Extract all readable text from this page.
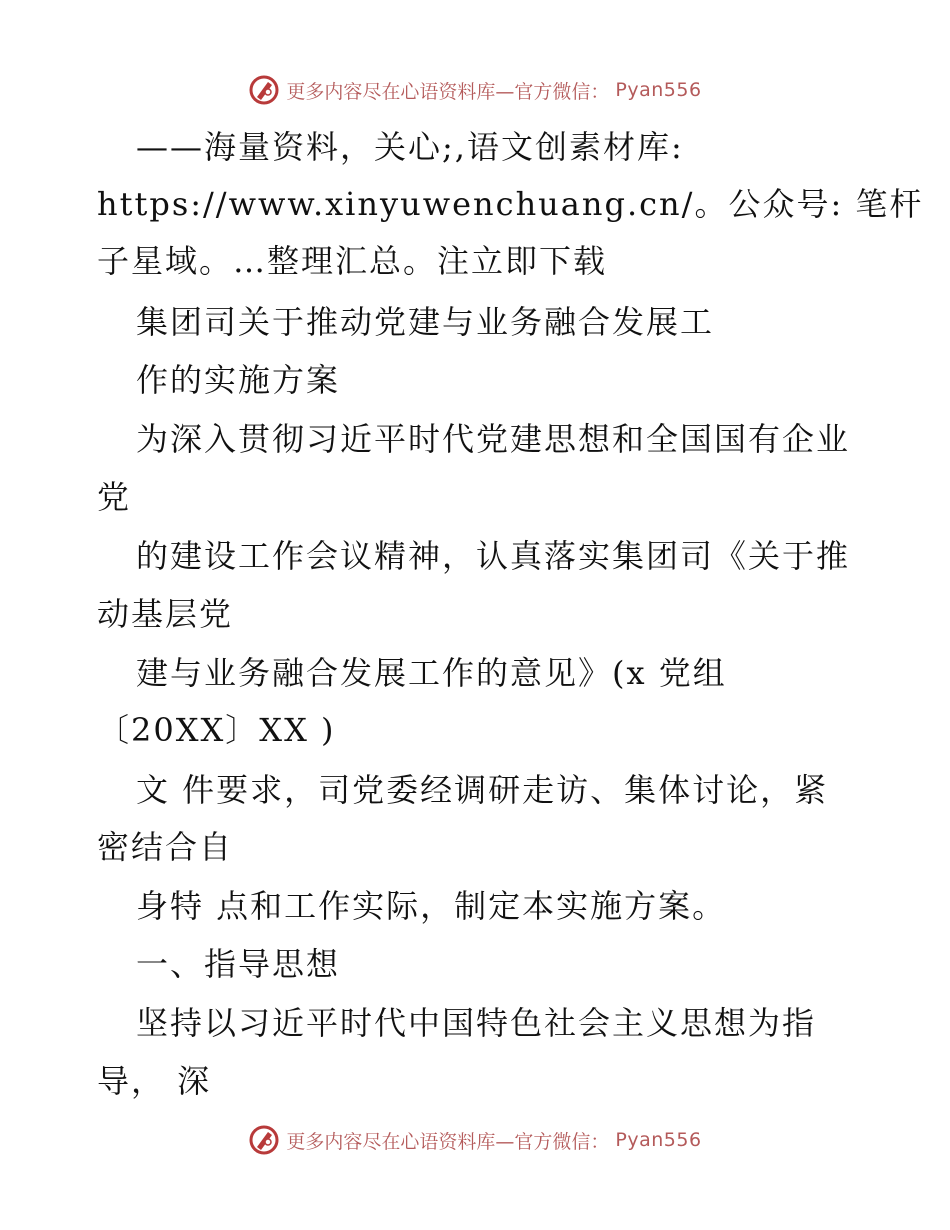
更多内容尽在心语资料库—官方微信： Pyan556
——海量资料，关心;,语文创素材库:
https://www.xinyuwenchuang.cn/。公众号: 笔杆
子星域。…整理汇总。注立即下载
集团司关于推动党建与业务融合发展工
作的实施方案
为深入贯彻习近平时代党建思想和全国国有企业
党
的建设工作会议精神，认真落实集团司《关于推
动基层党
建与业务融合发展工作的意见》(x 党组
〔20XX〕XX )
文 件要求，司党委经调研走访、集体讨论，紧
密结合自
身特 点和工作实际，制定本实施方案。
一、指导思想
坚持以习近平时代中国特色社会主义思想为指
导， 深
更多内容尽在心语资料库—官方微信： Pyan556
